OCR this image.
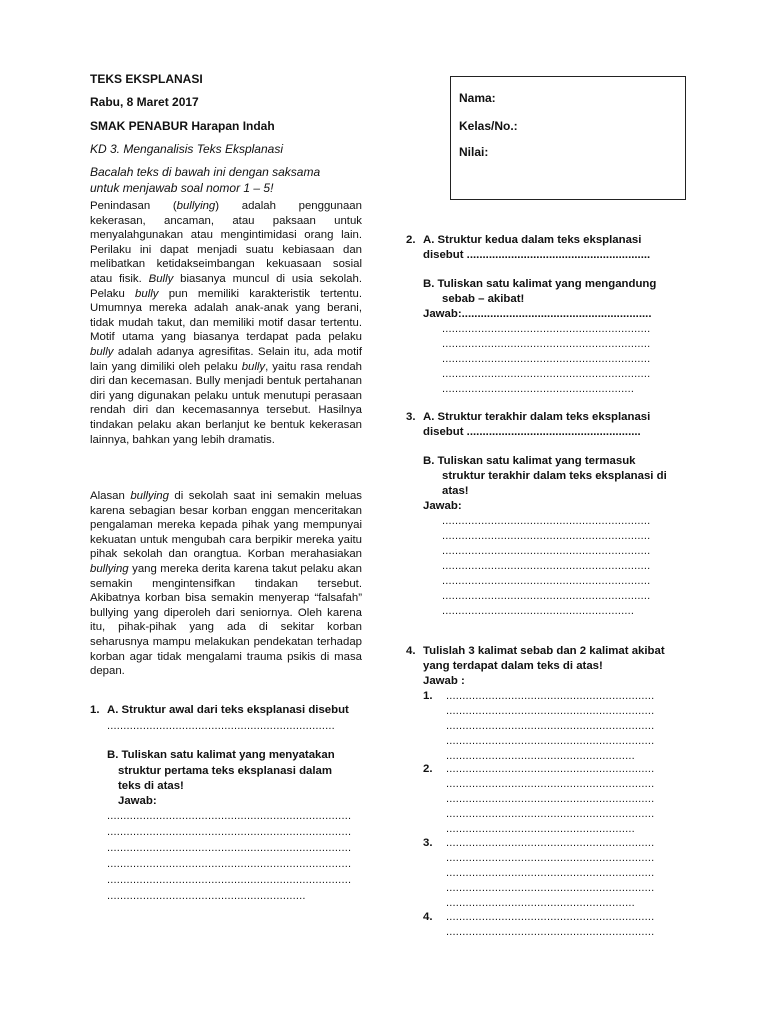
TEKS EKSPLANASI
Rabu, 8 Maret 2017
SMAK PENABUR Harapan Indah
KD 3. Menganalisis Teks Eksplanasi
Bacalah teks di bawah ini dengan saksama
untuk menjawab soal nomor 1 – 5!
Nama:
Kelas/No.:
Nilai:

Penindasan (bullying) adalah penggunaan kekerasan, ancaman, atau paksaan untuk menyalahgunakan atau mengintimidasi orang lain. Perilaku ini dapat menjadi suatu kebiasaan dan melibatkan ketidakseimbangan kekuasaan sosial atau fisik. Bully biasanya muncul di usia sekolah. Pelaku bully pun memiliki karakteristik tertentu. Umumnya mereka adalah anak-anak yang berani, tidak mudah takut, dan memiliki motif dasar tertentu. Motif utama yang biasanya terdapat pada pelaku bully adalah adanya agresifitas. Selain itu, ada motif lain yang dimiliki oleh pelaku bully, yaitu rasa rendah diri dan kecemasan. Bully menjadi bentuk pertahanan diri yang digunakan pelaku untuk menutupi perasaan rendah diri dan kecemasannya tersebut. Hasilnya tindakan pelaku akan berlanjut ke bentuk kekerasan lainnya, bahkan yang lebih dramatis.

Alasan bullying di sekolah saat ini semakin meluas karena sebagian besar korban enggan menceritakan pengalaman mereka kepada pihak yang mempunyai kekuatan untuk mengubah cara berpikir mereka yaitu pihak sekolah dan orangtua. Korban merahasiakan bullying yang mereka derita karena takut pelaku akan semakin mengintensifkan tindakan tersebut. Akibatnya korban bisa semakin menyerap “falsafah” bullying yang diperoleh dari seniornya. Oleh karena itu, pihak-pihak yang ada di sekitar korban seharusnya mampu melakukan pendekatan terhadap korban agar tidak mengalami trauma psikis di masa depan.

1. A. Struktur awal dari teks eksplanasi disebut
......................................................................
B. Tuliskan satu kalimat yang menyatakan
struktur pertama teks eksplanasi dalam
teks di atas!
Jawab:
...........................................................................
...........................................................................
...........................................................................
...........................................................................
...........................................................................
.............................................................
2. A. Struktur kedua dalam teks eksplanasi
disebut ..........................................................
B. Tuliskan satu kalimat yang mengandung
sebab – akibat!
Jawab:............................................................
................................................................
................................................................
................................................................
................................................................
...........................................................
3. A. Struktur terakhir dalam teks eksplanasi
disebut .......................................................
B. Tuliskan satu kalimat yang termasuk
struktur terakhir dalam teks eksplanasi di
atas!
Jawab:
................................................................
................................................................
................................................................
................................................................
................................................................
................................................................
...........................................................
4. Tulislah 3 kalimat sebab dan 2 kalimat akibat
yang terdapat dalam teks di atas!
Jawab :
1. ................................................................
................................................................
................................................................
................................................................
..........................................................
2. ................................................................
................................................................
................................................................
................................................................
..........................................................
3. ................................................................
................................................................
................................................................
................................................................
..........................................................
4. ................................................................
................................................................
